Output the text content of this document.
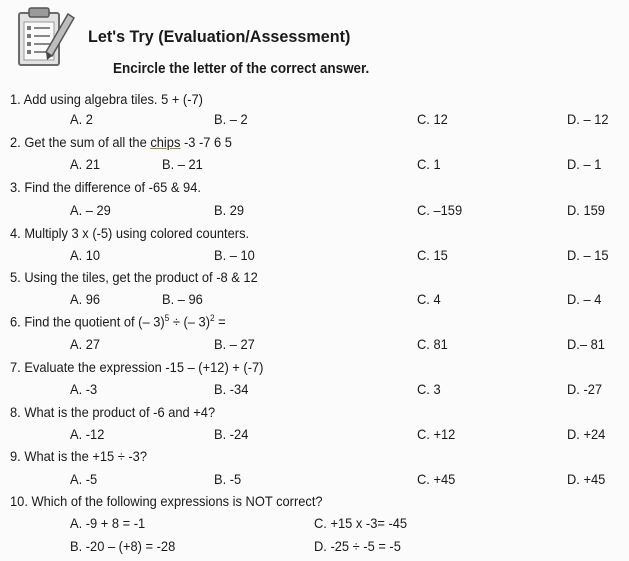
Let's Try (Evaluation/Assessment)
Encircle the letter of the correct answer.
1. Add using algebra tiles. 5 + (-7)
A. 2	B. – 2	C. 12	D. – 12
2. Get the sum of all the chips -3 -7 6 5
A. 21	B. – 21	C. 1	D. – 1
3. Find the difference of -65 & 94.
A. – 29	B. 29	C. –159	D. 159
4. Multiply 3 x (-5) using colored counters.
A. 10	B. – 10	C. 15	D. – 15
5. Using the tiles, get the product of -8 & 12
A. 96	B. – 96	C. 4	D. – 4
6. Find the quotient of (– 3)$^5$ ÷ (– 3)$^2$ =
A. 27	B. – 27	C. 81	D.– 81
7. Evaluate the expression -15 – (+12) + (-7)
A. -3	B. -34	C. 3	D. -27
8. What is the product of -6 and +4?
A. -12	B. -24	C. +12	D. +24
9. What is the +15 ÷ -3?
A. -5	B. -5	C. +45	D. +45
10. Which of the following expressions is NOT correct?
A. -9 + 8 = -1	C. +15 x -3= -45
B. -20 – (+8) = -28	D. -25 ÷ -5 = -5
